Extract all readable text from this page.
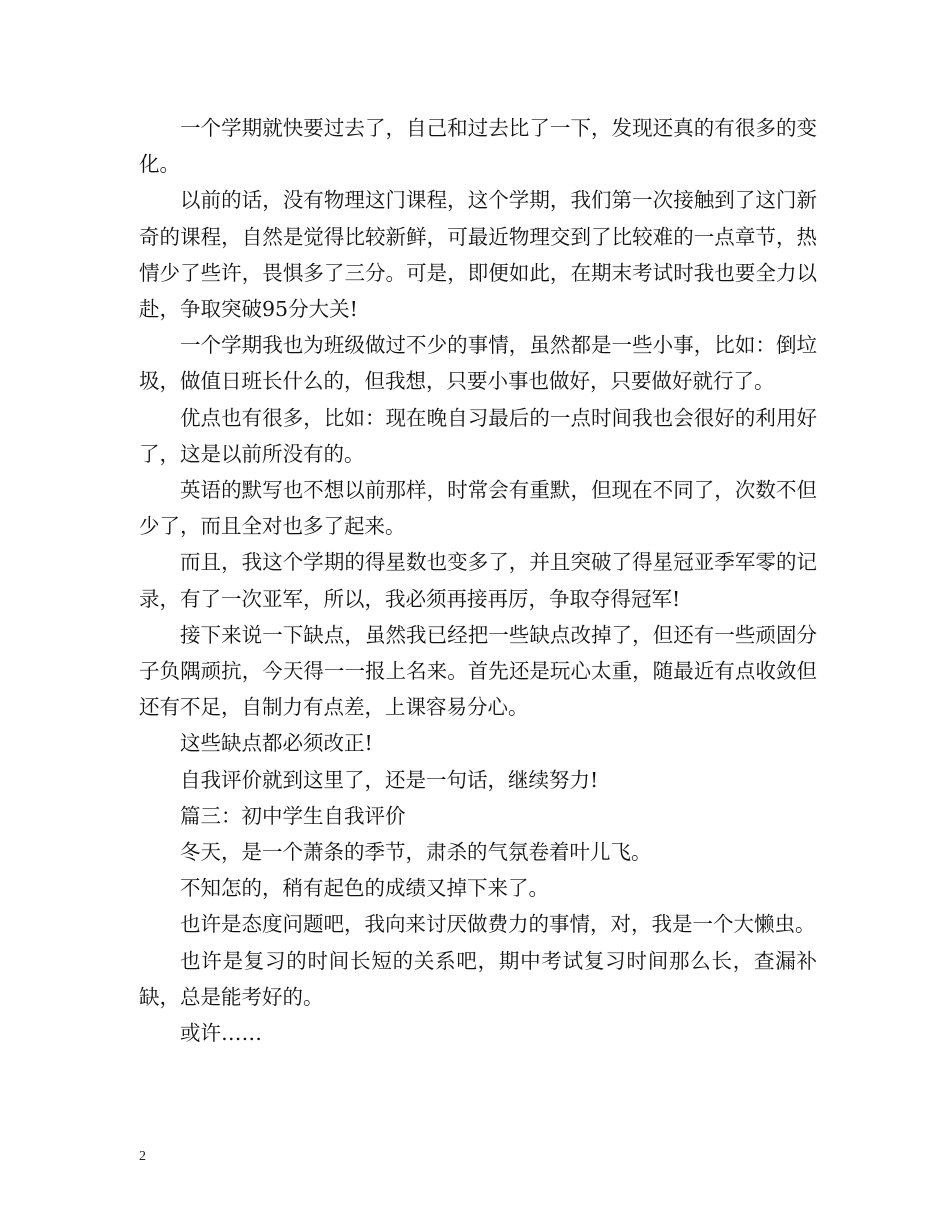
一个学期就快要过去了，自己和过去比了一下，发现还真的有很多的变化。

以前的话，没有物理这门课程，这个学期，我们第一次接触到了这门新奇的课程，自然是觉得比较新鲜，可最近物理交到了比较难的一点章节，热情少了些许，畏惧多了三分。可是，即便如此，在期末考试时我也要全力以赴，争取突破95分大关!

一个学期我也为班级做过不少的事情，虽然都是一些小事，比如：倒垃圾，做值日班长什么的，但我想，只要小事也做好，只要做好就行了。

优点也有很多，比如：现在晚自习最后的一点时间我也会很好的利用好了，这是以前所没有的。

英语的默写也不想以前那样，时常会有重默，但现在不同了，次数不但少了，而且全对也多了起来。

而且，我这个学期的得星数也变多了，并且突破了得星冠亚季军零的记录，有了一次亚军，所以，我必须再接再厉，争取夺得冠军!

接下来说一下缺点，虽然我已经把一些缺点改掉了，但还有一些顽固分子负隅顽抗，今天得一一报上名来。首先还是玩心太重，随最近有点收敛但还有不足，自制力有点差，上课容易分心。

这些缺点都必须改正!

自我评价就到这里了，还是一句话，继续努力!

篇三：初中学生自我评价

冬天，是一个萧条的季节，肃杀的气氛卷着叶儿飞。

不知怎的，稍有起色的成绩又掉下来了。

也许是态度问题吧，我向来讨厌做费力的事情，对，我是一个大懒虫。

也许是复习的时间长短的关系吧，期中考试复习时间那么长，查漏补缺，总是能考好的。

或许……

2
